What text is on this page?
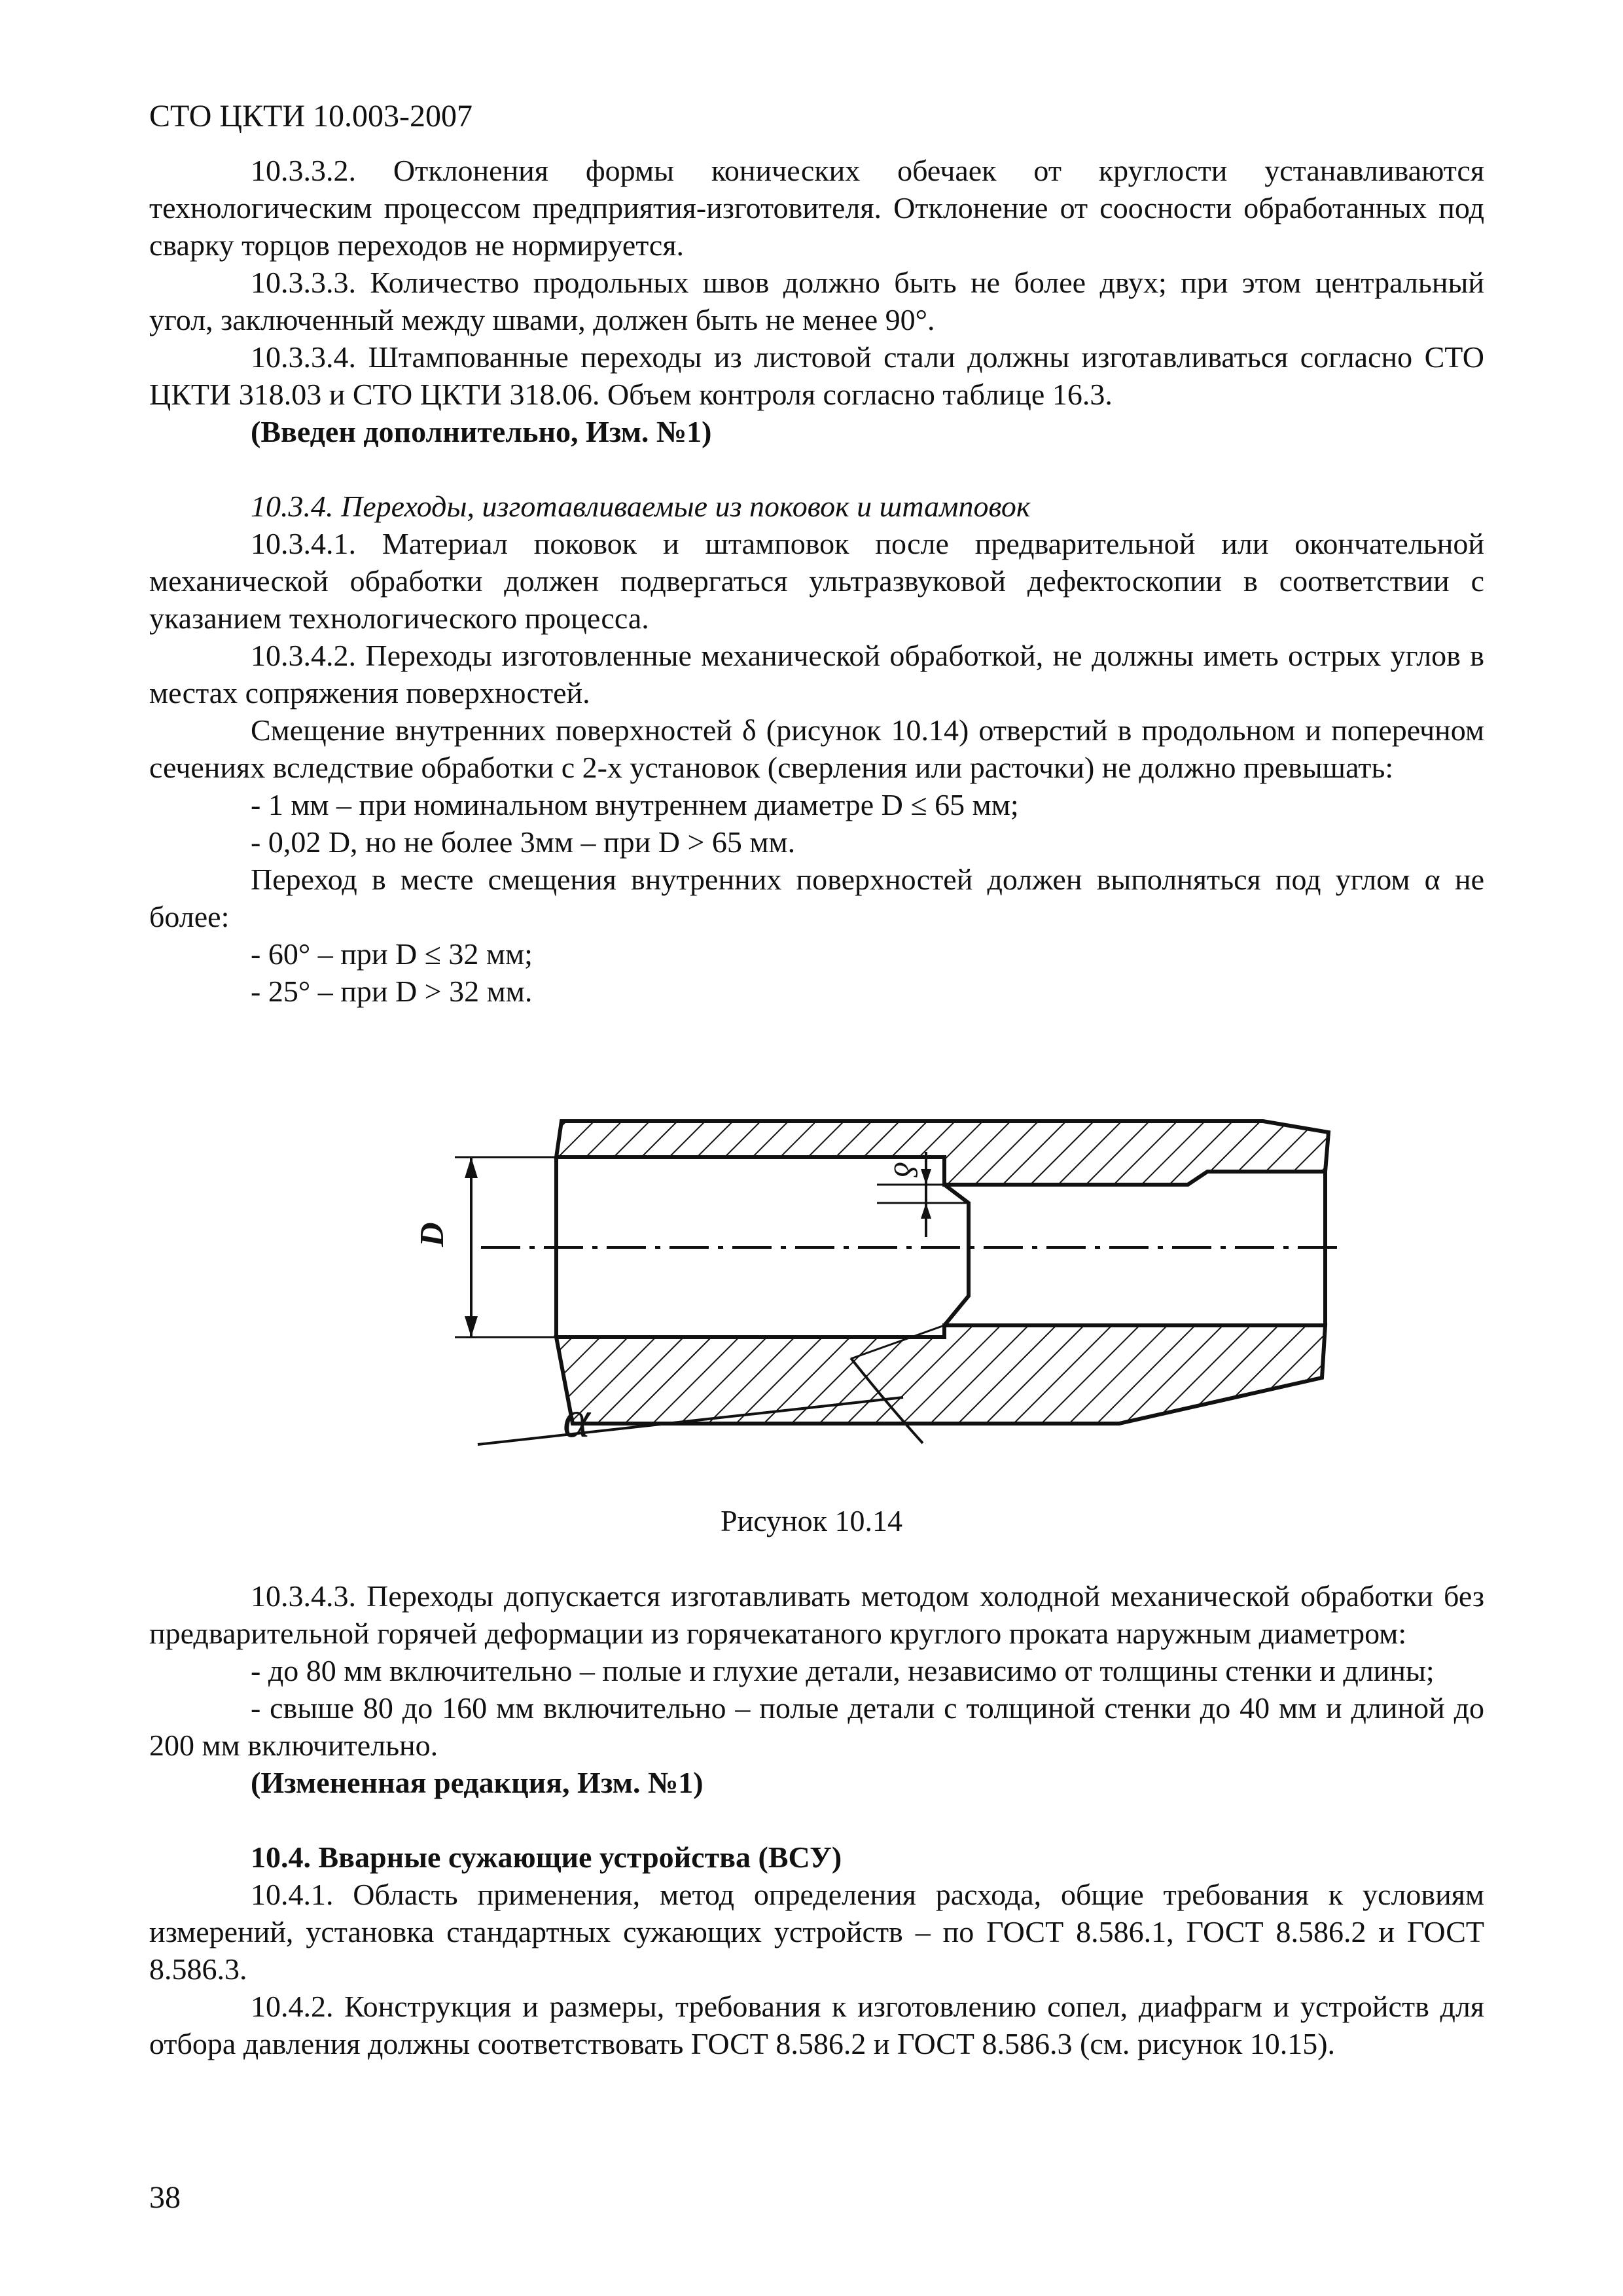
СТО ЦКТИ 10.003-2007

10.3.3.2. Отклонения формы конических обечаек от круглости устанавливаются технологическим процессом предприятия-изготовителя. Отклонение от соосности обработанных под сварку торцов переходов не нормируется.

10.3.3.3. Количество продольных швов должно быть не более двух; при этом центральный угол, заключенный между швами, должен быть не менее 90°.

10.3.3.4. Штампованные переходы из листовой стали должны изготавливаться согласно СТО ЦКТИ 318.03 и СТО ЦКТИ 318.06. Объем контроля согласно таблице 16.3.

(Введен дополнительно, Изм. №1)

10.3.4. Переходы, изготавливаемые из поковок и штамповок

10.3.4.1. Материал поковок и штамповок после предварительной или окончательной механической обработки должен подвергаться ультразвуковой дефектоскопии в соответствии с указанием технологического процесса.

10.3.4.2. Переходы изготовленные механической обработкой, не должны иметь острых углов в местах сопряжения поверхностей.

Смещение внутренних поверхностей δ (рисунок 10.14) отверстий в продольном и поперечном сечениях вследствие обработки с 2-х установок (сверления или расточки) не должно превышать:

- 1 мм – при номинальном внутреннем диаметре D ≤ 65 мм;

- 0,02 D, но не более 3мм – при D > 65 мм.

Переход в месте смещения внутренних поверхностей должен выполняться под углом α не более:

- 60° – при D ≤ 32 мм;

- 25° – при D > 32 мм.

D
δ
α
Рисунок 10.14

10.3.4.3. Переходы допускается изготавливать методом холодной механической обработки без предварительной горячей деформации из горячекатаного круглого проката наружным диаметром:

- до 80 мм включительно – полые и глухие детали, независимо от толщины стенки и длины;

- свыше 80 до 160 мм включительно – полые детали с толщиной стенки до 40 мм и длиной до 200 мм включительно.

(Измененная редакция, Изм. №1)

10.4. Вварные сужающие устройства (ВСУ)

10.4.1. Область применения, метод определения расхода, общие требования к условиям измерений, установка стандартных сужающих устройств – по ГОСТ 8.586.1, ГОСТ 8.586.2 и ГОСТ 8.586.3.

10.4.2. Конструкция и размеры, требования к изготовлению сопел, диафрагм и устройств для отбора давления должны соответствовать ГОСТ 8.586.2 и ГОСТ 8.586.3 (см. рисунок 10.15).

38
